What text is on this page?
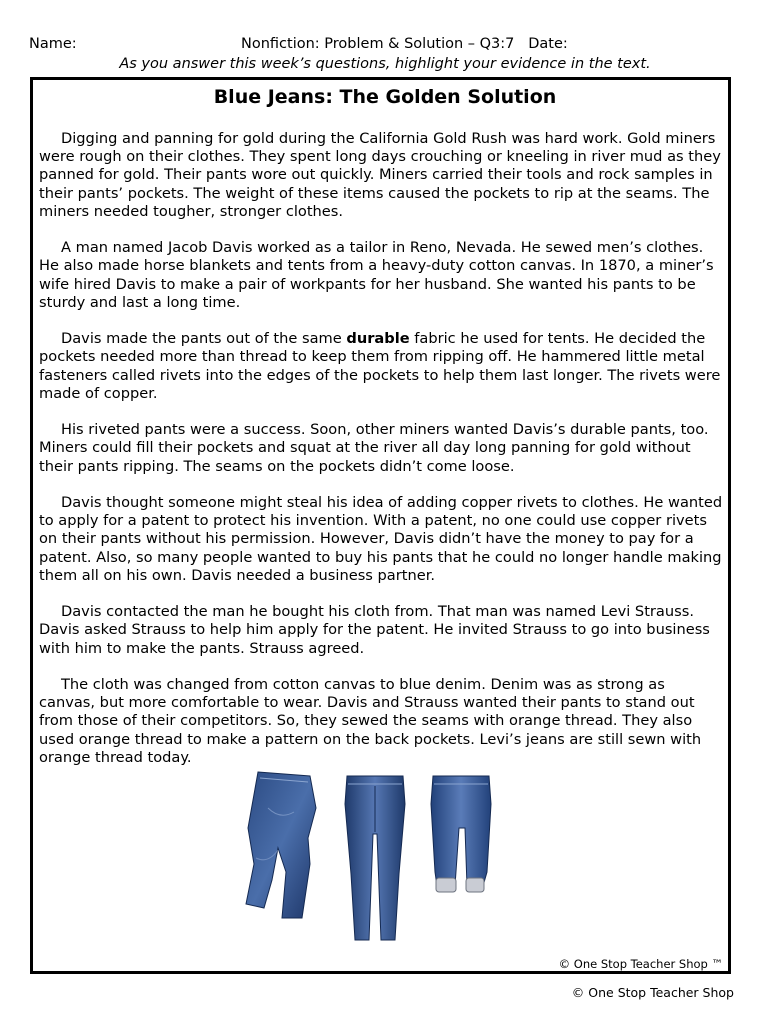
Name:	Nonfiction: Problem & Solution – Q3:7   Date:
As you answer this week’s questions, highlight your evidence in the text.
Blue Jeans: The Golden Solution

Digging and panning for gold during the California Gold Rush was hard work. Gold miners were rough on their clothes. They spent long days crouching or kneeling in river mud as they panned for gold. Their pants wore out quickly. Miners carried their tools and rock samples in their pants’ pockets. The weight of these items caused the pockets to rip at the seams. The miners needed tougher, stronger clothes.

A man named Jacob Davis worked as a tailor in Reno, Nevada. He sewed men’s clothes. He also made horse blankets and tents from a heavy-duty cotton canvas. In 1870, a miner’s wife hired Davis to make a pair of workpants for her husband. She wanted his pants to be sturdy and last a long time.

Davis made the pants out of the same durable fabric he used for tents. He decided the pockets needed more than thread to keep them from ripping off. He hammered little metal fasteners called rivets into the edges of the pockets to help them last longer. The rivets were made of copper.

His riveted pants were a success. Soon, other miners wanted Davis’s durable pants, too. Miners could fill their pockets and squat at the river all day long panning for gold without their pants ripping. The seams on the pockets didn’t come loose.

Davis thought someone might steal his idea of adding copper rivets to clothes. He wanted to apply for a patent to protect his invention. With a patent, no one could use copper rivets on their pants without his permission. However, Davis didn’t have the money to pay for a patent. Also, so many people wanted to buy his pants that he could no longer handle making them all on his own. Davis needed a business partner.

Davis contacted the man he bought his cloth from. That man was named Levi Strauss. Davis asked Strauss to help him apply for the patent. He invited Strauss to go into business with him to make the pants. Strauss agreed.

The cloth was changed from cotton canvas to blue denim. Denim was as strong as canvas, but more comfortable to wear. Davis and Strauss wanted their pants to stand out from those of their competitors. So, they sewed the seams with orange thread. They also used orange thread to make a pattern on the back pockets. Levi’s jeans are still sewn with orange thread today.

© One Stop Teacher Shop ™
© One Stop Teacher Shop
